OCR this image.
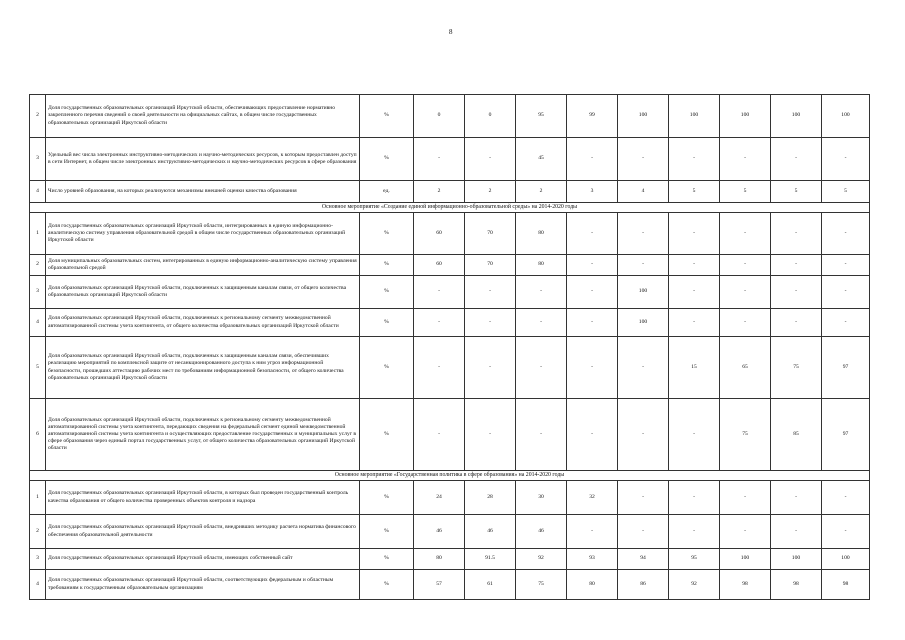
8
2	Доля государственных образовательных организаций Иркутской области, обеспечивающих предоставление нормативно закрепленного перечня сведений о своей деятельности на официальных сайтах, в общем числе государственных образовательных организаций Иркутской области	%	0	0	95	99	100	100	100	100	100
3	Удельный вес числа электронных инструктивно-методических и научно-методических ресурсов, к которым предоставлен доступ в сети Интернет, в общем числе электронных инструктивно-методических и научно-методических ресурсов в сфере образования	%	-	-	45	-	-	-	-	-	-
4	Число уровней образования, на которых реализуются механизмы внешней оценки качества образования	ед.	2	2	2	3	4	5	5	5	5
Основное мероприятие «Создание единой информационно-образовательной среды» на 2014-2020 годы											
1	Доля государственных образовательных организаций Иркутской области, интегрированных в единую информационно-аналитическую систему управления образовательной средой в общем числе государственных образовательных организаций Иркутской области	%	60	70	80	-	-	-	-	-	-
2	Доля муниципальных образовательных систем, интегрированных в единую информационно-аналитическую систему управления образовательной средой	%	60	70	80	-	-	-	-	-	-
3	Доля образовательных организаций Иркутской области, подключенных к защищенным каналам связи, от общего количества образовательных организаций Иркутской области	%	-	-	-	-	100	-	-	-	-
4	Доля образовательных организаций Иркутской области, подключенных к региональному сегменту межведомственной автоматизированной системы учета контингента, от общего количества образовательных организаций Иркутской области	%	-	-	-	-	100	-	-	-	-
5	Доля образовательных организаций Иркутской области, подключенных к защищенным каналам связи, обеспечивших реализацию мероприятий по комплексной защите от несанкционированного доступа к ним угроз информационной безопасности, прошедших аттестацию рабочих мест по требованиям информационной безопасности, от общего количества образовательных организаций Иркутской области	%	-	-	-	-	-	15	65	75	97
6	Доля образовательных организаций Иркутской области, подключенных к региональному сегменту межведомственной автоматизированной системы учета контингента, передающих сведения на федеральный сегмент единой межведомственной автоматизированной системы учета контингента и осуществляющих предоставление государственных и муниципальных услуг в сфере образования через единый портал государственных услуг, от общего количества образовательных организаций Иркутской области	%	-	-	-	-	-	-	75	85	97
Основное мероприятие «Государственная политика в сфере образования» на 2014-2020 годы											
1	Доля государственных образовательных организаций Иркутской области, в которых был проведен государственный контроль качества образования от общего количества проверенных объектов контроля и надзора	%	24	28	30	32	-	-	-	-	-
2	Доля государственных образовательных организаций Иркутской области, внедривших методику расчета норматива финансового обеспечения образовательной деятельности	%	46	46	46	-	-	-	-	-	-
3	Доля государственных образовательных организаций Иркутской области, имеющих собственный сайт	%	80	91.5	92	93	94	95	100	100	100
4	Доля государственных образовательных организаций Иркутской области, соответствующих федеральным и областным требованиям к государственным образовательным организациям	%	57	61	75	80	86	92	98	98	98
